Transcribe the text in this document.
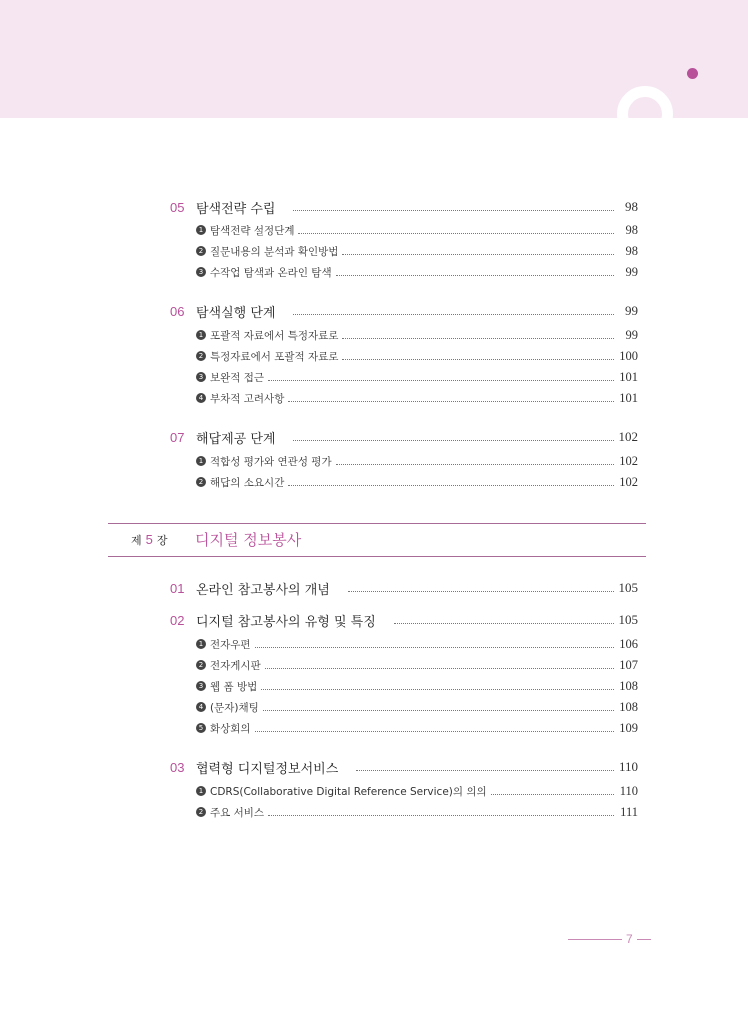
05 탐색전략 수립	98
1 탐색전략 설정단계	98
2 질문내용의 분석과 확인방법	98
3 수작업 탐색과 온라인 탐색	99
06 탐색실행 단계	99
1 포괄적 자료에서 특정자료로	99
2 특정자료에서 포괄적 자료로	100
3 보완적 접근	101
4 부차적 고려사항	101
07 해답제공 단계	102
1 적합성 평가와 연관성 평가	102
2 해답의 소요시간	102
제 5 장 디지털 정보봉사
01 온라인 참고봉사의 개념	105
02 디지털 참고봉사의 유형 및 특징	105
1 전자우편	106
2 전자게시판	107
3 웹 폼 방법	108
4 (문자)채팅	108
5 화상회의	109
03 협력형 디지털정보서비스	110
1 CDRS(Collaborative Digital Reference Service)의 의의	110
2 주요 서비스	111
7
